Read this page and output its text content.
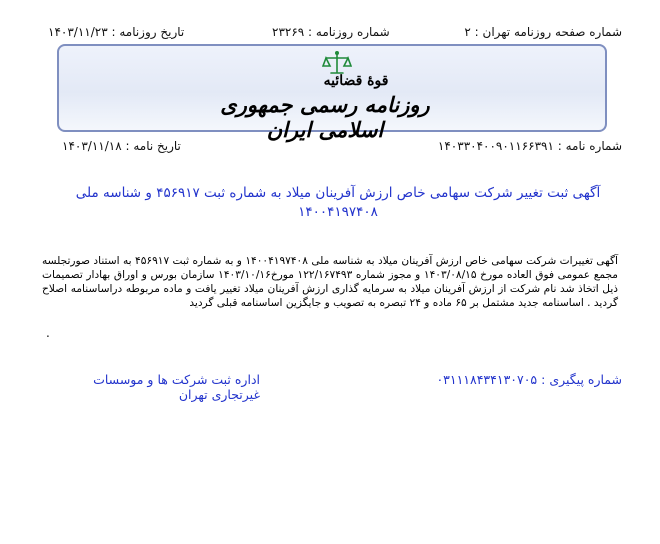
شماره صفحه روزنامه تهران : ۲
شماره روزنامه : ۲۳۲۶۹
تاریخ روزنامه : ۱۴۰۳/۱۱/۲۳
قوهٔ قضائیه
روزنامه رسمی جمهوری اسلامی ایران
شماره نامه : ۱۴۰۳۳۰۴۰۰۹۰۱۱۶۶۳۹۱
تاریخ نامه : ۱۴۰۳/۱۱/۱۸
آگهی ثبت تغییر شرکت سهامی خاص ارزش آفرینان میلاد به شماره ثبت ۴۵۶۹۱۷ و شناسه ملی
۱۴۰۰۴۱۹۷۴۰۸
آگهی تغییرات شرکت سهامی خاص ارزش آفرینان میلاد به شناسه ملی ۱۴۰۰۴۱۹۷۴۰۸ و به شماره ثبت ۴۵۶۹۱۷ به استناد صورتجلسه مجمع عمومی فوق العاده مورخ ۱۴۰۳/۰۸/۱۵ و مجوز شماره ۱۲۲/۱۶۷۴۹۳ مورخ۱۴۰۳/۱۰/۱۶ سازمان بورس و اوراق بهادار تصمیمات ذیل اتخاذ شد نام شرکت از ارزش آفرینان میلاد به سرمایه گذاری ارزش آفرینان میلاد تغییر یافت و ماده مربوطه دراساسنامه اصلاح گردید . اساسنامه جدید مشتمل بر ۶۵ ماده و ۲۴ تبصره به تصویب و جایگزین اساسنامه قبلی گردید
.
شماره پیگیری : ۰۳۱۱۱۸۴۳۴۱۳۰۷۰۵
اداره ثبت شرکت ها و موسسات غیرتجاری تهران
